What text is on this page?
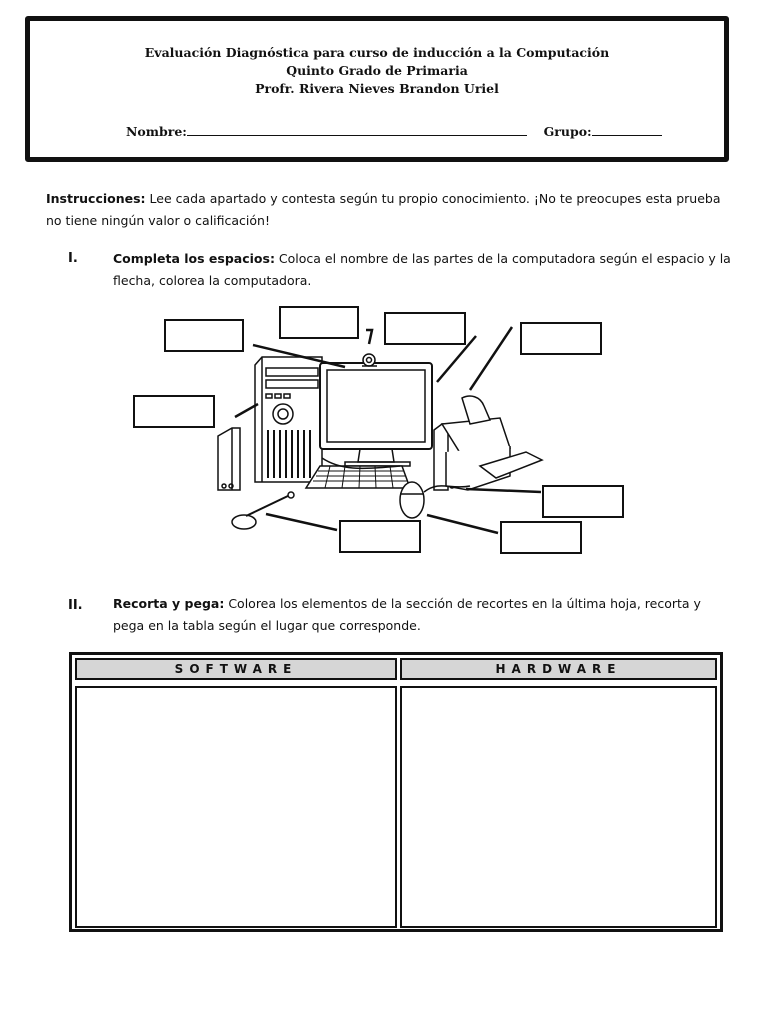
Evaluación Diagnóstica para curso de inducción a la Computación
Quinto Grado de Primaria
Profr. Rivera Nieves Brandon Uriel
Nombre:	Grupo:
Instrucciones: Lee cada apartado y contesta según tu propio conocimiento. ¡No te preocupes esta prueba
no tiene ningún valor o calificación!
I.	Completa los espacios: Coloca el nombre de las partes de la computadora según el espacio y la
flecha, colorea la computadora.
II. Recorta y pega: Colorea los elementos de la sección de recortes en la última hoja, recorta y
pega en la tabla según el lugar que corresponde.
SOFTWARE	HARDWARE
